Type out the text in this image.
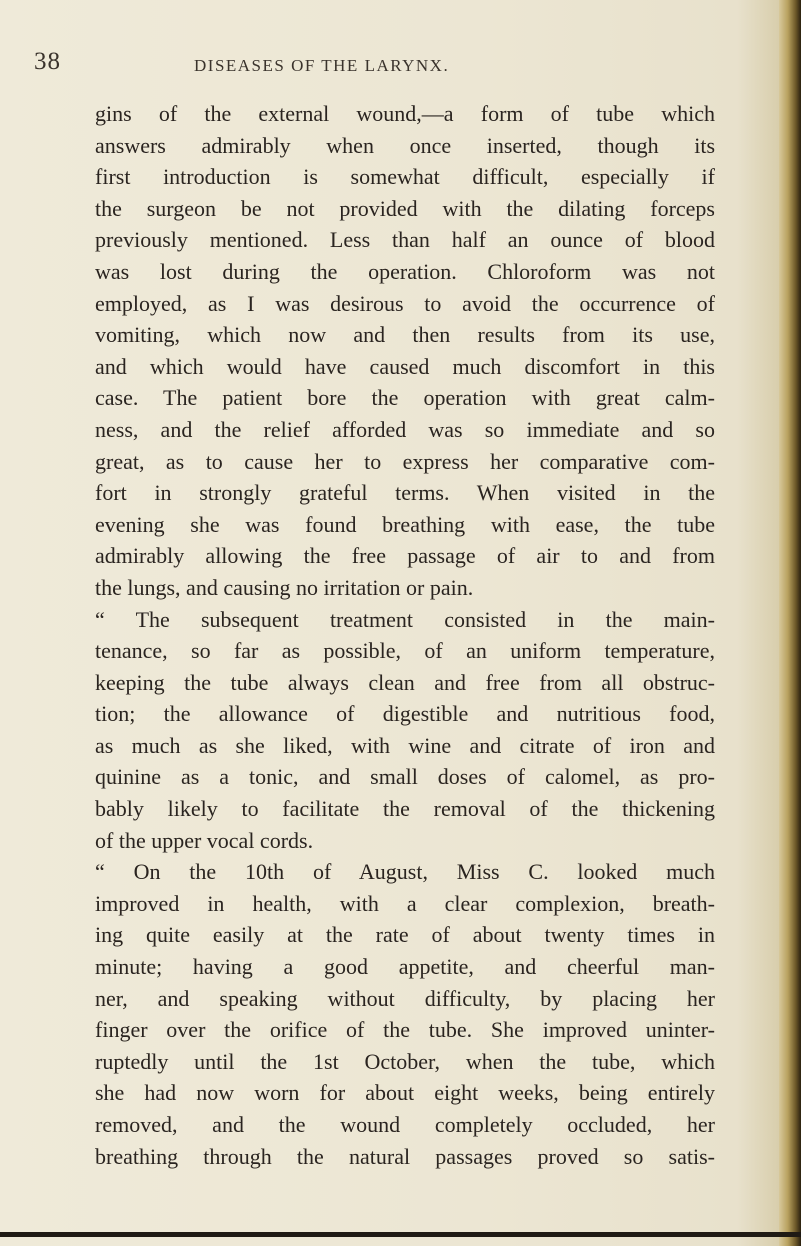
38	DISEASES OF THE LARYNX.
gins of the external wound,—a form of tube which
answers admirably when once inserted, though its
first introduction is somewhat difficult, especially if
the surgeon be not provided with the dilating forceps
previously mentioned. Less than half an ounce of blood
was lost during the operation. Chloroform was not
employed, as I was desirous to avoid the occurrence of
vomiting, which now and then results from its use,
and which would have caused much discomfort in this
case. The patient bore the operation with great calm-
ness, and the relief afforded was so immediate and so
great, as to cause her to express her comparative com-
fort in strongly grateful terms. When visited in the
evening she was found breathing with ease, the tube
admirably allowing the free passage of air to and from
the lungs, and causing no irritation or pain.
“ The subsequent treatment consisted in the main-
tenance, so far as possible, of an uniform temperature,
keeping the tube always clean and free from all obstruc-
tion; the allowance of digestible and nutritious food,
as much as she liked, with wine and citrate of iron and
quinine as a tonic, and small doses of calomel, as pro-
bably likely to facilitate the removal of the thickening
of the upper vocal cords.
“ On the 10th of August, Miss C. looked much
improved in health, with a clear complexion, breath-
ing quite easily at the rate of about twenty times in
minute; having a good appetite, and cheerful man-
ner, and speaking without difficulty, by placing her
finger over the orifice of the tube. She improved uninter-
ruptedly until the 1st October, when the tube, which
she had now worn for about eight weeks, being entirely
removed, and the wound completely occluded, her
breathing through the natural passages proved so satis-
